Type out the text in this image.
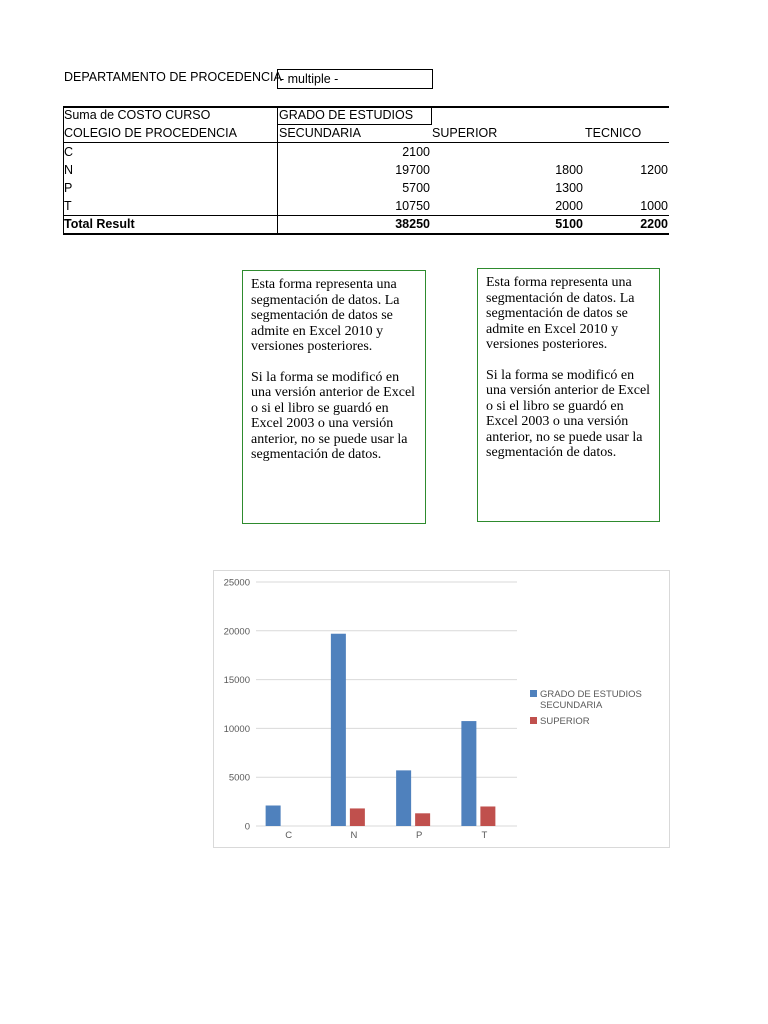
DEPARTAMENTO DE PROCEDENCIA
- multiple -
Suma de COSTO CURSO	GRADO DE ESTUDIOS
COLEGIO DE PROCEDENCIA	SECUNDARIA	SUPERIOR	TECNICO
C	2100
N	19700	1800	1200
P	5700	1300
T	10750	2000	1000
Total Result	38250	5100	2200

Esta forma representa una segmentación de datos. La segmentación de datos se admite en Excel 2010 y versiones posteriores.

Si la forma se modificó en una versión anterior de Excel o si el libro se guardó en Excel 2003 o una versión anterior, no se puede usar la segmentación de datos.

Esta forma representa una segmentación de datos. La segmentación de datos se admite en Excel 2010 y versiones posteriores.

Si la forma se modificó en una versión anterior de Excel o si el libro se guardó en Excel 2003 o una versión anterior, no se puede usar la segmentación de datos.

0
5000
10000
15000
20000
25000
C	N	P	T
GRADO DE ESTUDIOS
SECUNDARIA
SUPERIOR
